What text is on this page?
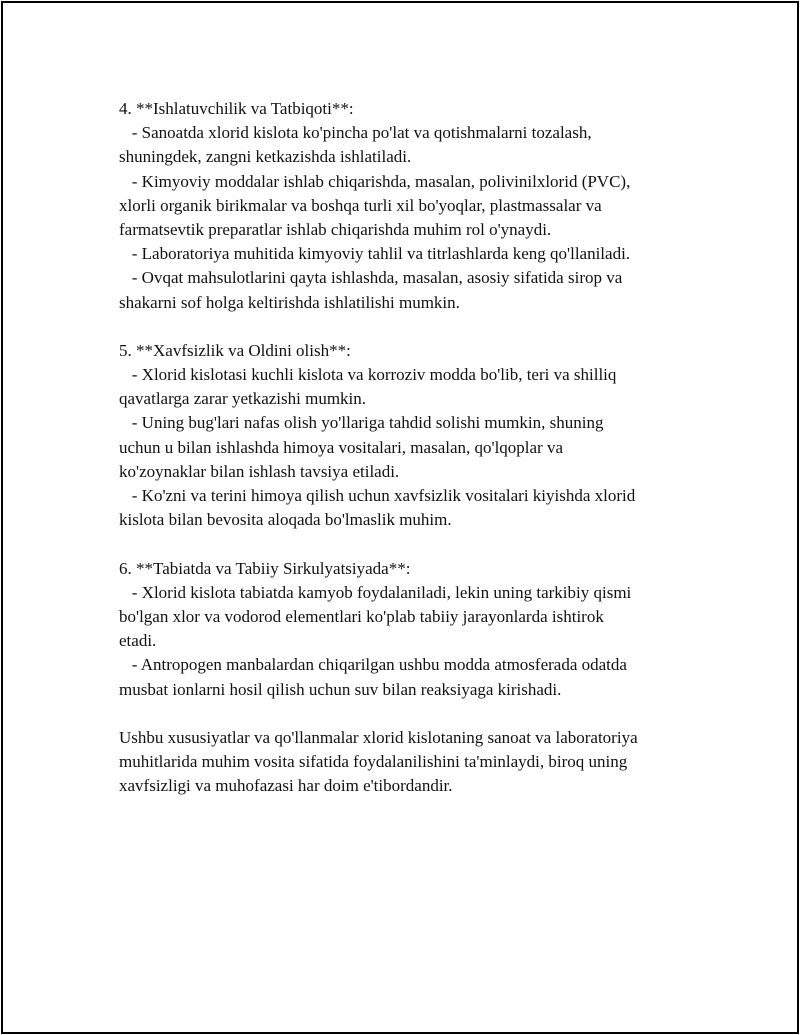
4. **Ishlatuvchilik va Tatbiqoti**:
- Sanoatda xlorid kislota ko'pincha po'lat va qotishmalarni tozalash,
shuningdek, zangni ketkazishda ishlatiladi.
- Kimyoviy moddalar ishlab chiqarishda, masalan, polivinilxlorid (PVC),
xlorli organik birikmalar va boshqa turli xil bo'yoqlar, plastmassalar va
farmatsevtik preparatlar ishlab chiqarishda muhim rol o'ynaydi.
- Laboratoriya muhitida kimyoviy tahlil va titrlashlarda keng qo'llaniladi.
- Ovqat mahsulotlarini qayta ishlashda, masalan, asosiy sifatida sirop va
shakarni sof holga keltirishda ishlatilishi mumkin.
5. **Xavfsizlik va Oldini olish**:
- Xlorid kislotasi kuchli kislota va korroziv modda bo'lib, teri va shilliq
qavatlarga zarar yetkazishi mumkin.
- Uning bug'lari nafas olish yo'llariga tahdid solishi mumkin, shuning
uchun u bilan ishlashda himoya vositalari, masalan, qo'lqoplar va
ko'zoynaklar bilan ishlash tavsiya etiladi.
- Ko'zni va terini himoya qilish uchun xavfsizlik vositalari kiyishda xlorid
kislota bilan bevosita aloqada bo'lmaslik muhim.
6. **Tabiatda va Tabiiy Sirkulyatsiyada**:
- Xlorid kislota tabiatda kamyob foydalaniladi, lekin uning tarkibiy qismi
bo'lgan xlor va vodorod elementlari ko'plab tabiiy jarayonlarda ishtirok
etadi.
- Antropogen manbalardan chiqarilgan ushbu modda atmosferada odatda
musbat ionlarni hosil qilish uchun suv bilan reaksiyaga kirishadi.
Ushbu xususiyatlar va qo'llanmalar xlorid kislotaning sanoat va laboratoriya
muhitlarida muhim vosita sifatida foydalanilishini ta'minlaydi, biroq uning
xavfsizligi va muhofazasi har doim e'tibordandir.
